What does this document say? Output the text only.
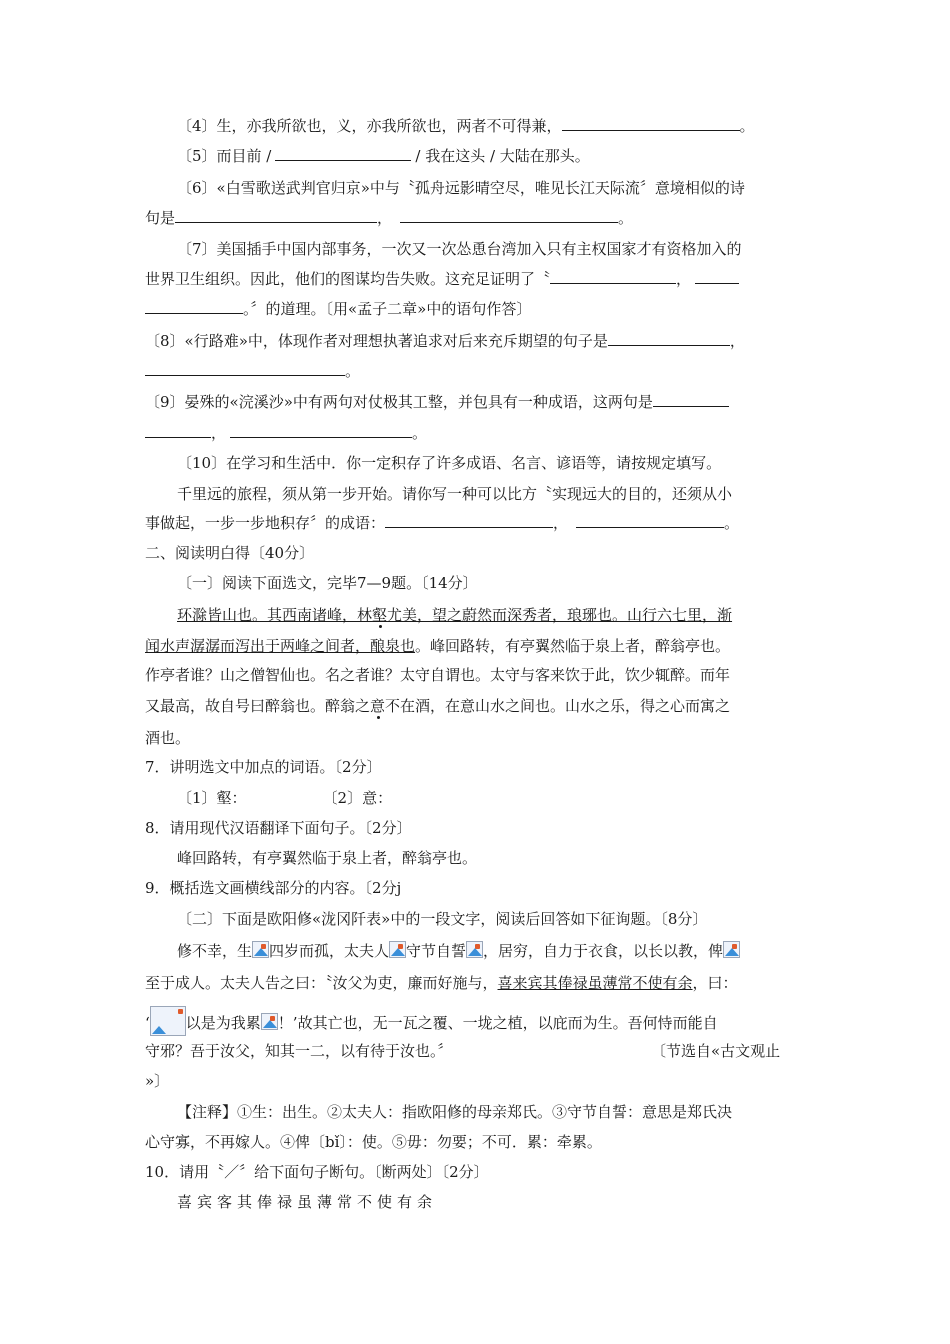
〔4〕生，亦我所欲也，义，亦我所欲也，两者不可得兼，	。
〔5〕而目前 /	/ 我在这头 / 大陆在那头。
〔6〕«白雪歌送武判官归京»中与〝孤舟远影晴空尽，唯见长江天际流〞意境相似的诗
句是	，	。
〔7〕美国插手中国内部事务，一次又一次怂恿台湾加入只有主权国家才有资格加入的
世界卫生组织。因此，他们的图谋均告失败。这充足证明了〝	，
。〞的道理。〔用«孟子二章»中的语句作答〕
〔8〕«行路难»中，体现作者对理想执著追求对后来充斥期望的句子是	，
。
〔9〕晏殊的«浣溪沙»中有两句对仗极其工整，并包具有一种成语，这两句是
，	。
〔10〕在学习和生活中．你一定积存了许多成语、名言、谚语等，请按规定填写。
千里远的旅程，须从第一步开始。请你写一种可以比方〝实现远大的目的，还须从小
事做起，一步一步地积存〞的成语：	，	。
二、阅读明白得〔40分〕
〔一〕阅读下面选文，完毕7—9题。〔14分〕
环滁皆山也。其西南诸峰，林壑尤美，望之蔚然而深秀者，琅琊也。山行六七里，渐
闻水声潺潺而泻出于两峰之间者，酿泉也。峰回路转，有亭翼然临于泉上者，醉翁亭也。
作亭者谁？山之僧智仙也。名之者谁？太守自谓也。太守与客来饮于此，饮少辄醉。而年
又最高，故自号曰醉翁也。醉翁之意不在酒，在意山水之间也。山水之乐，得之心而寓之
酒也。
7．讲明选文中加点的词语。〔2分〕
〔1〕壑：	〔2〕意：
8．请用现代汉语翻译下面句子。〔2分〕
峰回路转，有亭翼然临于泉上者，醉翁亭也。
9．概括选文画横线部分的内容。〔2分j
〔二〕下面是欧阳修«泷冈阡表»中的一段文字，阅读后回答如下征询题。〔8分〕
修不幸，生 四岁而孤，太夫人 守节自誓 ，居穷，自力于衣食，以长以教，俾
至于成人。太夫人告之曰：〝汝父为吏，廉而好施与，喜来宾其俸禄虽薄常不使有余，曰：
‘ 以是为我累 ！’故其亡也，无一瓦之覆、一垅之植，以庇而为生。吾何恃而能自
守邪？吾于汝父，知其一二，以有待于汝也。〞	〔节选自«古文观止
»〕
【注释】①生：出生。②太夫人：指欧阳修的母亲郑氏。③守节自誓：意思是郑氏决
心守寡，不再嫁人。④俾〔bǐ〕：使。⑤毋：勿要；不可．累：牵累。
10．请用〝／〞给下面句子断句。〔断两处〕〔2分〕
喜宾客其俸禄虽薄常不使有余
